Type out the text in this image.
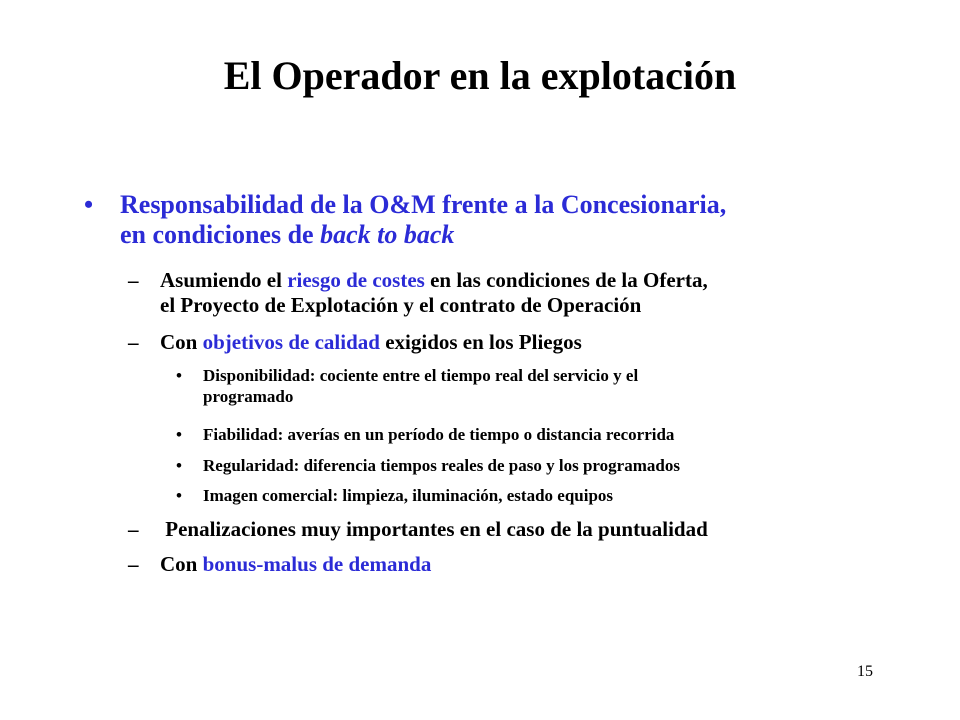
El Operador en la explotación
• Responsabilidad de la O&M frente a la Concesionaria,
en condiciones de back to back
– Asumiendo el riesgo de costes en las condiciones de la Oferta,
el Proyecto de Explotación y el contrato de Operación
– Con objetivos de calidad exigidos en los Pliegos
• Disponibilidad: cociente entre el tiempo real del servicio y el
programado
• Fiabilidad: averías en un período de tiempo o distancia recorrida
• Regularidad: diferencia tiempos reales de paso y los programados
• Imagen comercial: limpieza, iluminación, estado equipos
– Penalizaciones muy importantes en el caso de la puntualidad
– Con bonus-malus de demanda
15
